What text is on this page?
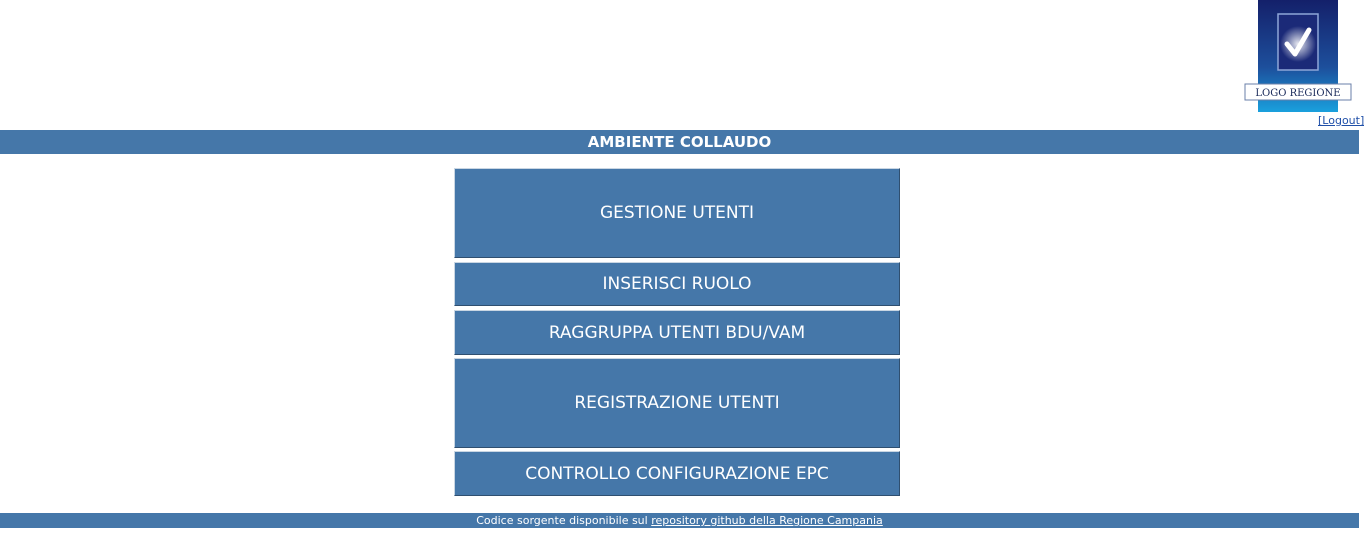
LOGO REGIONE
[Logout]
AMBIENTE COLLAUDO
GESTIONE UTENTI
INSERISCI RUOLO
RAGGRUPPA UTENTI BDU/VAM
REGISTRAZIONE UTENTI
CONTROLLO CONFIGURAZIONE EPC
Codice sorgente disponibile sul repository github della Regione Campania
